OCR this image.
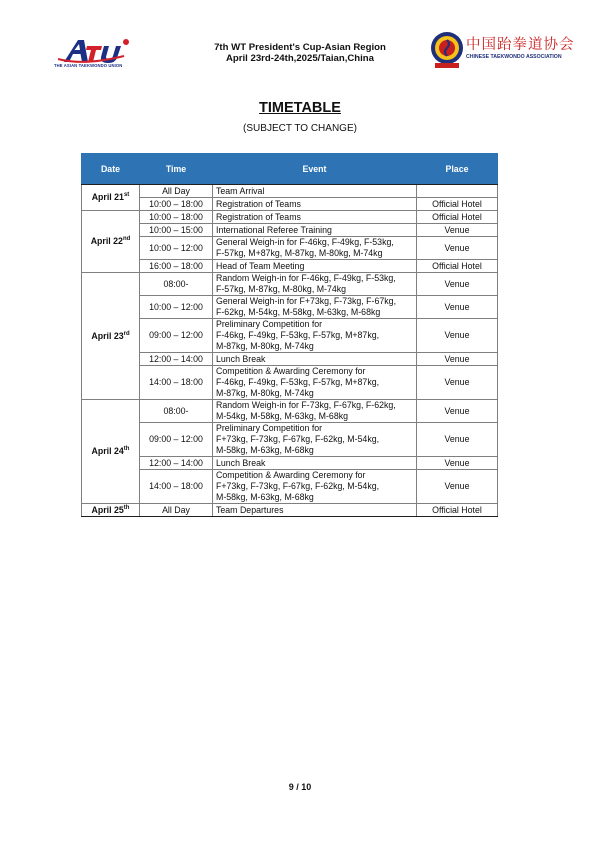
THE ASIAN TAEKWONDO UNION
7th WT President's Cup-Asian Region
April 23rd-24th,2025/Taian,China
中国跆拳道协会
CHINESE TAEKWONDO ASSOCIATION
TIMETABLE
(SUBJECT TO CHANGE)
Date	Time	Event	Place
April 21st	All Day	Team Arrival	

	10:00 – 18:00	Registration of Teams	Official Hotel
April 22nd	10:00 – 18:00	Registration of Teams	Official Hotel
	10:00 – 15:00	International Referee Training	Venue
	10:00 – 12:00	General Weigh-in for F-46kg, F-49kg, F-53kg,
F-57kg, M+87kg, M-87kg, M-80kg, M-74kg	Venue
	16:00 – 18:00	Head of Team Meeting	Official Hotel
April 23rd	08:00-	Random Weigh-in for F-46kg, F-49kg, F-53kg,
F-57kg, M-87kg, M-80kg, M-74kg	Venue
	10:00 – 12:00	General Weigh-in for F+73kg, F-73kg, F-67kg,
F-62kg, M-54kg, M-58kg, M-63kg, M-68kg	Venue
	09:00 – 12:00	Preliminary Competition for
F-46kg, F-49kg, F-53kg, F-57kg, M+87kg,
M-87kg, M-80kg, M-74kg	Venue
	12:00 – 14:00	Lunch Break	Venue
	14:00 – 18:00	Competition & Awarding Ceremony for
F-46kg, F-49kg, F-53kg, F-57kg, M+87kg,
M-87kg, M-80kg, M-74kg	Venue
April 24th	08:00-	Random Weigh-in for F-73kg, F-67kg, F-62kg,
M-54kg, M-58kg, M-63kg, M-68kg	Venue
	09:00 – 12:00	Preliminary Competition for
F+73kg, F-73kg, F-67kg, F-62kg, M-54kg,
M-58kg, M-63kg, M-68kg	Venue
	12:00 – 14:00	Lunch Break	Venue
	14:00 – 18:00	Competition & Awarding Ceremony for
F+73kg, F-73kg, F-67kg, F-62kg, M-54kg,
M-58kg, M-63kg, M-68kg	Venue
April 25th	All Day	Team Departures	Official Hotel
9 / 10
